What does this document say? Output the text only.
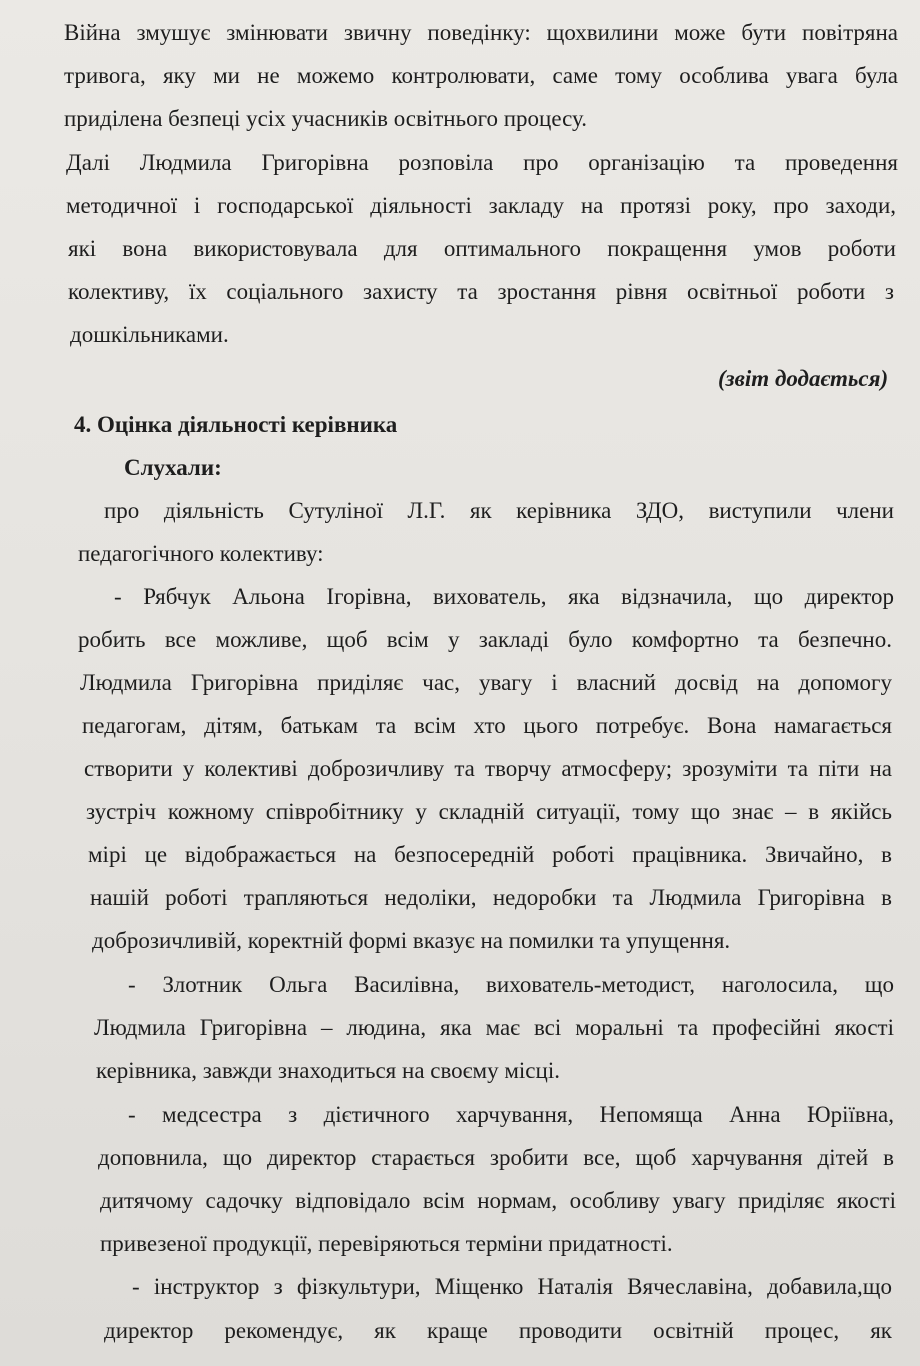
Війна змушує змінювати звичну поведінку: щохвилини може бути повітряна
тривога, яку ми не можемо контролювати, саме тому особлива увага була
приділена безпеці усіх учасників освітнього процесу.
Далі Людмила Григорівна розповіла про організацію та проведення
методичної і господарської діяльності закладу на протязі року, про заходи,
які вона використовувала для оптимального покращення умов роботи
колективу, їх соціального захисту та зростання рівня освітньої роботи з
дошкільниками.
(звіт додається)
4. Оцінка діяльності керівника
Слухали:
про діяльність Сутуліної Л.Г. як керівника ЗДО, виступили члени
педагогічного колективу:
- Рябчук Альона Ігорівна, вихователь, яка відзначила, що директор
робить все можливе, щоб всім у закладі було комфортно та безпечно.
Людмила Григорівна приділяє час, увагу і власний досвід на допомогу
педагогам, дітям, батькам та всім хто цього потребує. Вона намагається
створити у колективі доброзичливу та творчу атмосферу; зрозуміти та піти на
зустріч кожному співробітнику у складній ситуації, тому що знає – в якійсь
мірі це відображається на безпосередній роботі працівника. Звичайно, в
нашій роботі трапляються недоліки, недоробки та Людмила Григорівна в
доброзичливій, коректній формі вказує на помилки та упущення.
- Злотник Ольга Василівна, вихователь-методист, наголосила, що
Людмила Григорівна – людина, яка має всі моральні та професійні якості
керівника, завжди знаходиться на своєму місці.
- медсестра з дієтичного харчування, Непомяща Анна Юріївна,
доповнила, що директор старається зробити все, щоб харчування дітей в
дитячому садочку відповідало всім нормам, особливу увагу приділяє якості
привезеної продукції, перевіряються терміни придатності.
- інструктор з фізкультури, Міщенко Наталія Вячеславіна, добавила,що
директор рекомендує, як краще проводити освітній процес, як
